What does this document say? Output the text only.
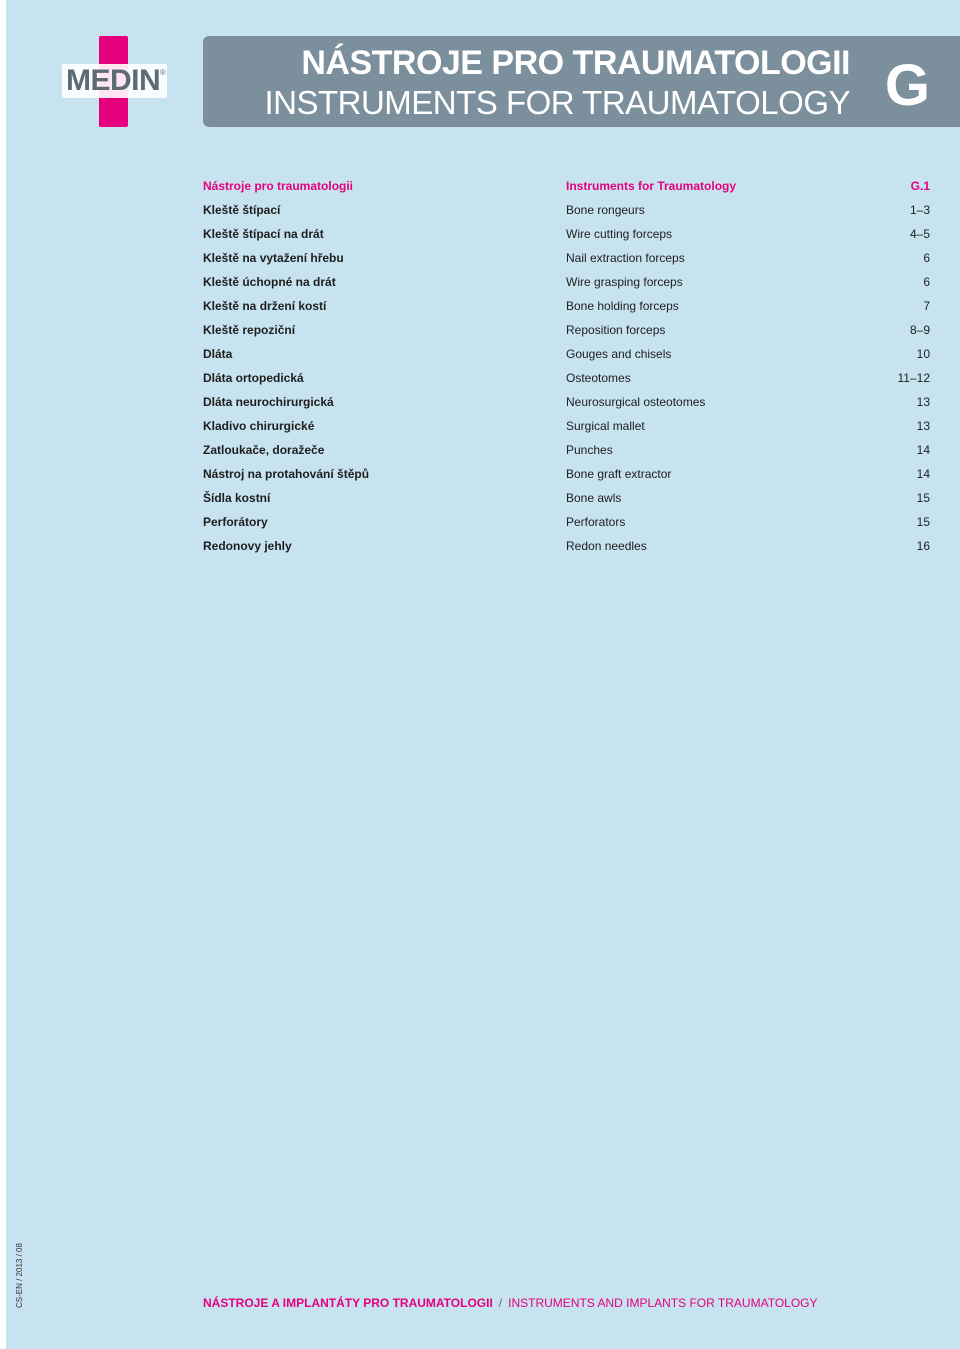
MEDIN ®	NÁSTROJE PRO TRAUMATOLOGII
INSTRUMENTS FOR TRAUMATOLOGY G
Nástroje pro traumatologii	Instruments for Traumatology	G.1
Kleště štípací	Bone rongeurs	1–3
Kleště štípací na drát	Wire cutting forceps	4–5
Kleště na vytažení hřebu	Nail extraction forceps	6
Kleště úchopné na drát	Wire grasping forceps	6
Kleště na držení kostí	Bone holding forceps	7
Kleště repoziční	Reposition forceps	8–9
Dláta	Gouges and chisels	10
Dláta ortopedická	Osteotomes	11–12
Dláta neurochirurgická	Neurosurgical osteotomes	13
Kladivo chirurgické	Surgical mallet	13
Zatloukače, doražeče	Punches	14
Nástroj na protahování štěpů	Bone graft extractor	14
Šídla kostní	Bone awls	15
Perforátory	Perforators	15
Redonovy jehly	Redon needles	16
CS-EN / 2013 / 08	NÁSTROJE A IMPLANTÁTY PRO TRAUMATOLOGII / INSTRUMENTS AND IMPLANTS FOR TRAUMATOLOGY
